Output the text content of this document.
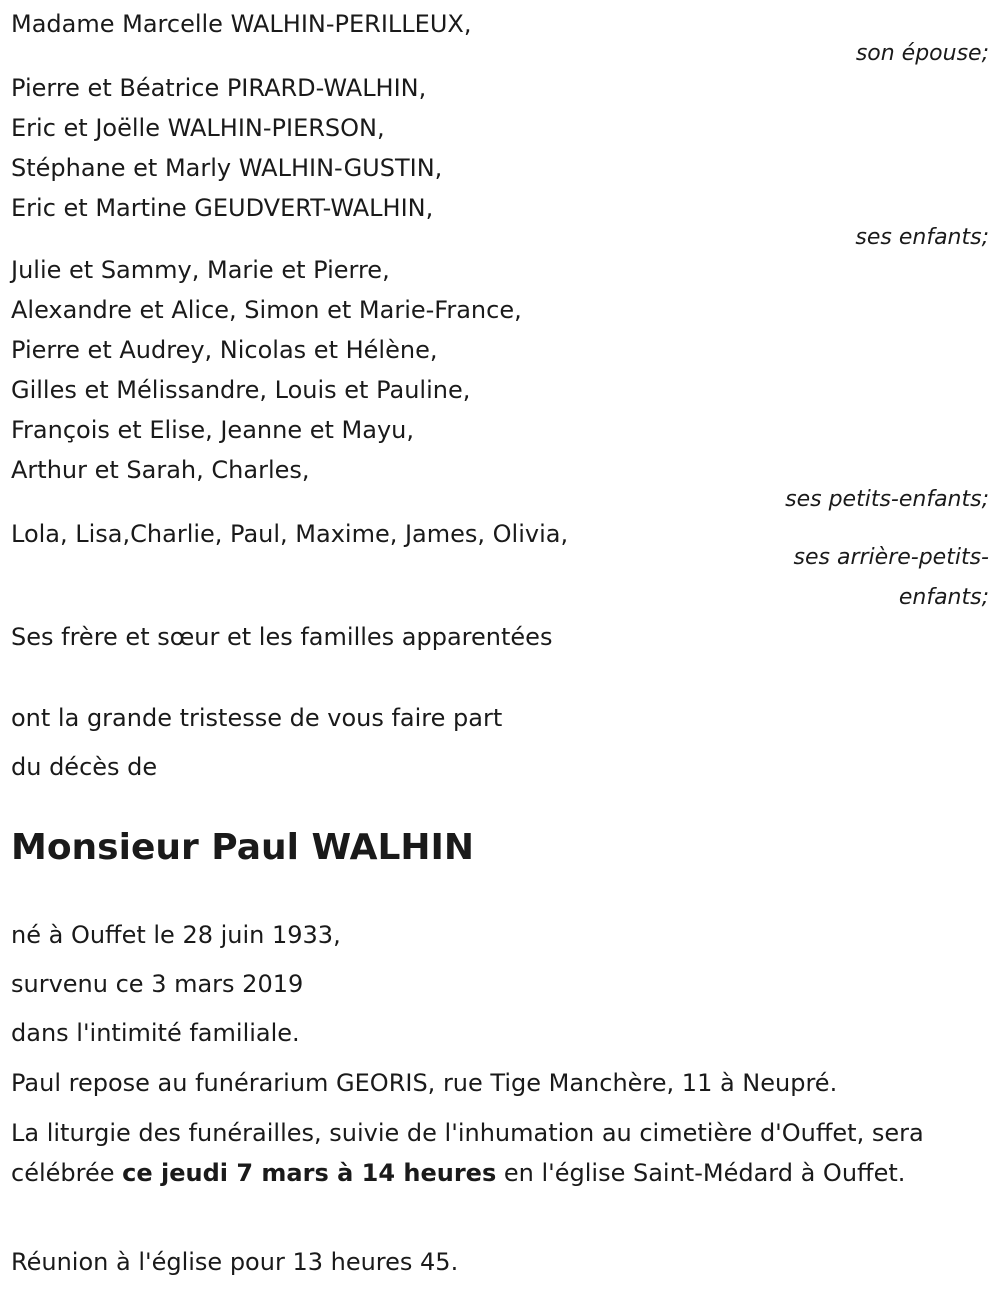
Madame Marcelle WALHIN-PERILLEUX,
son épouse;
Pierre et Béatrice PIRARD-WALHIN,
Eric et Joëlle WALHIN-PIERSON,
Stéphane et Marly WALHIN-GUSTIN,
Eric et Martine GEUDVERT-WALHIN,
ses enfants;
Julie et Sammy, Marie et Pierre,
Alexandre et Alice, Simon et Marie-France,
Pierre et Audrey, Nicolas et Hélène,
Gilles et Mélissandre, Louis et Pauline,
François et Elise, Jeanne et Mayu,
Arthur et Sarah, Charles,
ses petits-enfants;
Lola, Lisa,Charlie, Paul, Maxime, James, Olivia,
ses arrière-petits-
enfants;
Ses frère et sœur et les familles apparentées
ont la grande tristesse de vous faire part
du décès de
Monsieur Paul WALHIN
né à Ouffet le 28 juin 1933,
survenu ce 3 mars 2019
dans l'intimité familiale.
Paul repose au funérarium GEORIS, rue Tige Manchère, 11 à Neupré.
La liturgie des funérailles, suivie de l'inhumation au cimetière d'Ouffet, sera célébrée ce jeudi 7 mars à 14 heures en l'église Saint-Médard à Ouffet.
Réunion à l'église pour 13 heures 45.
